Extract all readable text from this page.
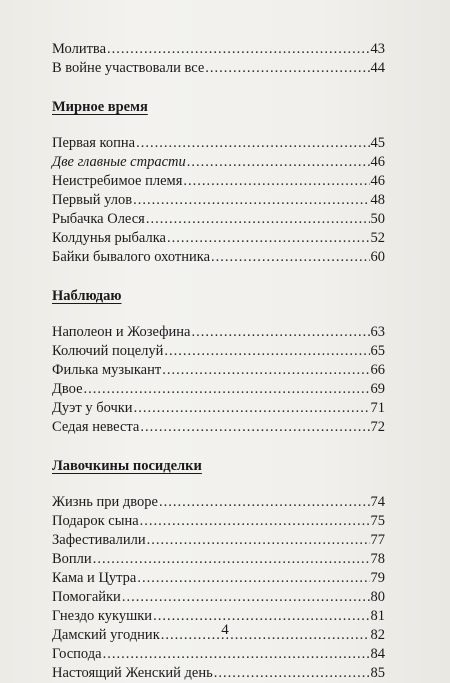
Молитва .....	43
В войне участвовали все .....	44
Мирное время
Первая копна .....	45
Две главные страсти .....	46
Неистребимое племя .....	46
Первый улов .....	48
Рыбачка Олеся .....	50
Колдунья рыбалка .....	52
Байки бывалого охотника .....	60
Наблюдаю
Наполеон и Жозефина .....	63
Колючий поцелуй .....	65
Филька музыкант .....	66
Двое .....	69
Дуэт у бочки .....	71
Седая невеста .....	72
Лавочкины посиделки
Жизнь при дворе .....	74
Подарок сына .....	75
Зафестивалили .....	77
Вопли .....	78
Кама и Цутра .....	79
Помогайки .....	80
Гнездо кукушки .....	81
Дамский угодник .....	82
Господа .....	84
Настоящий Женский день .....	85
4
